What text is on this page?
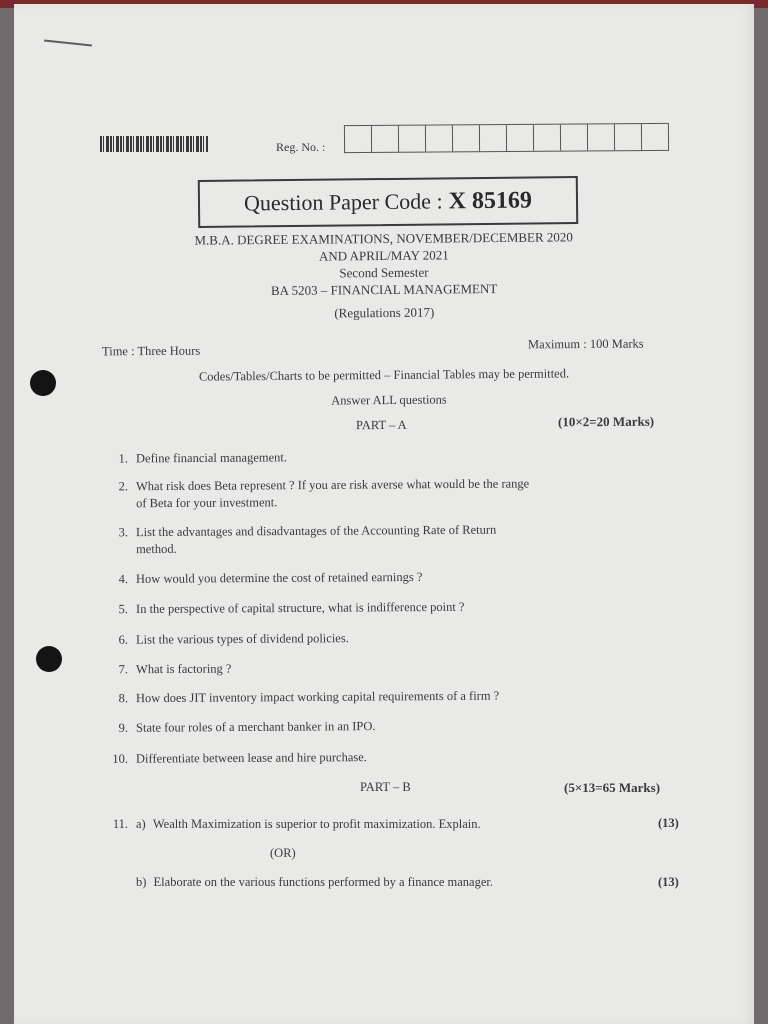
Reg. No. :
Question Paper Code : X 85169
M.B.A. DEGREE EXAMINATIONS, NOVEMBER/DECEMBER 2020
AND APRIL/MAY 2021
Second Semester
BA 5203 – FINANCIAL MANAGEMENT
(Regulations 2017)
Time : Three Hours	Maximum : 100 Marks
Codes/Tables/Charts to be permitted – Financial Tables may be permitted.
Answer ALL questions
PART – A	(10×2=20 Marks)
1. Define financial management.
2. What risk does Beta represent ? If you are risk averse what would be the range
of Beta for your investment.
3. List the advantages and disadvantages of the Accounting Rate of Return
method.
4. How would you determine the cost of retained earnings ?
5. In the perspective of capital structure, what is indifference point ?
6. List the various types of dividend policies.
7. What is factoring ?
8. How does JIT inventory impact working capital requirements of a firm ?
9. State four roles of a merchant banker in an IPO.
10. Differentiate between lease and hire purchase.
PART – B	(5×13=65 Marks)
11. a) Wealth Maximization is superior to profit maximization. Explain.	(13)
(OR)
b) Elaborate on the various functions performed by a finance manager.	(13)
